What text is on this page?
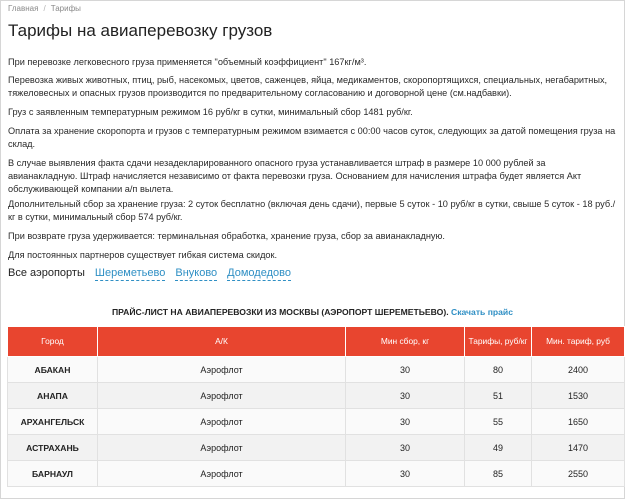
Главная / Тарифы
Тарифы на авиаперевозку грузов
При перевозке легковесного груза применяется "объемный коэффициент" 167кг/м³.
Перевозка живых животных, птиц, рыб, насекомых, цветов, саженцев, яйца, медикаментов, скоропортящихся, специальных, негабаритных, тяжеловесных и опасных грузов производится по предварительному согласованию и договорной цене (см.надбавки).
Груз с заявленным температурным режимом 16 руб/кг в сутки, минимальный сбор 1481 руб/кг.
Оплата за хранение скоропорта и грузов с температурным режимом взимается с 00:00 часов суток, следующих за датой помещения груза на склад.
В случае выявления факта сдачи незадекларированного опасного груза устанавливается штраф в размере 10 000 рублей за авианакладную. Штраф начисляется независимо от факта перевозки груза. Основанием для начисления штрафа будет является Акт обслуживающей компании а/п вылета.
Дополнительный сбор за хранение груза: 2 суток бесплатно (включая день сдачи), первые 5 суток - 10 руб/кг в сутки, свыше 5 суток - 18 руб./кг в сутки, минимальный сбор 574 руб/кг.
При возврате груза удерживается: терминальная обработка, хранение груза, сбор за авианакладную.
Для постоянных партнеров существует гибкая система скидок.
Все аэропорты Шереметьево Внуково Домодедово
ПРАЙС-ЛИСТ НА АВИАПЕРЕВОЗКИ ИЗ МОСКВЫ (АЭРОПОРТ ШЕРЕМЕТЬЕВО). Скачать прайс
Город	А/К	Мин сбор, кг	Тарифы, руб/кг	Мин. тариф, руб
АБАКАН	Аэрофлот	30	80	2400
АНАПА	Аэрофлот	30	51	1530
АРХАНГЕЛЬСК	Аэрофлот	30	55	1650
АСТРАХАНЬ	Аэрофлот	30	49	1470
БАРНАУЛ	Аэрофлот	30	85	2550
